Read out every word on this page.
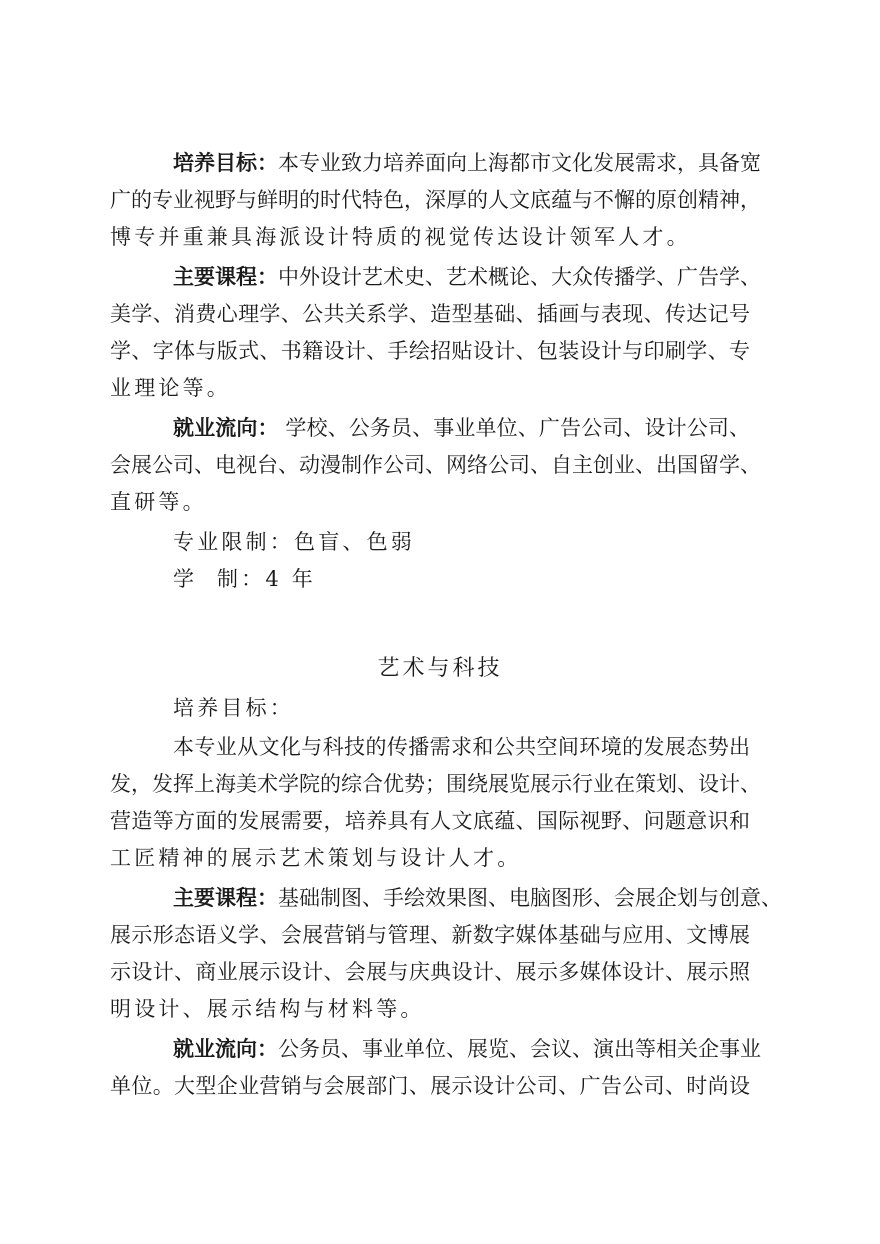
培养目标：本专业致力培养面向上海都市文化发展需求，具备宽
广的专业视野与鲜明的时代特色，深厚的人文底蕴与不懈的原创精神，
博专并重兼具海派设计特质的视觉传达设计领军人才。
主要课程：中外设计艺术史、艺术概论、大众传播学、广告学、
美学、消费心理学、公共关系学、造型基础、插画与表现、传达记号
学、字体与版式、书籍设计、手绘招贴设计、包装设计与印刷学、专
业理论等。
就业流向： 学校、公务员、事业单位、广告公司、设计公司、
会展公司、电视台、动漫制作公司、网络公司、自主创业、出国留学、
直研等。
专业限制：色盲、色弱
学  制：4 年
艺术与科技
培养目标：
本专业从文化与科技的传播需求和公共空间环境的发展态势出
发，发挥上海美术学院的综合优势；围绕展览展示行业在策划、设计、
营造等方面的发展需要，培养具有人文底蕴、国际视野、问题意识和
工匠精神的展示艺术策划与设计人才。
主要课程：基础制图、手绘效果图、电脑图形、会展企划与创意、
展示形态语义学、会展营销与管理、新数字媒体基础与应用、文博展
示设计、商业展示设计、会展与庆典设计、展示多媒体设计、展示照
明设计、展示结构与材料等。
就业流向：公务员、事业单位、展览、会议、演出等相关企事业
单位。大型企业营销与会展部门、展示设计公司、广告公司、时尚设
